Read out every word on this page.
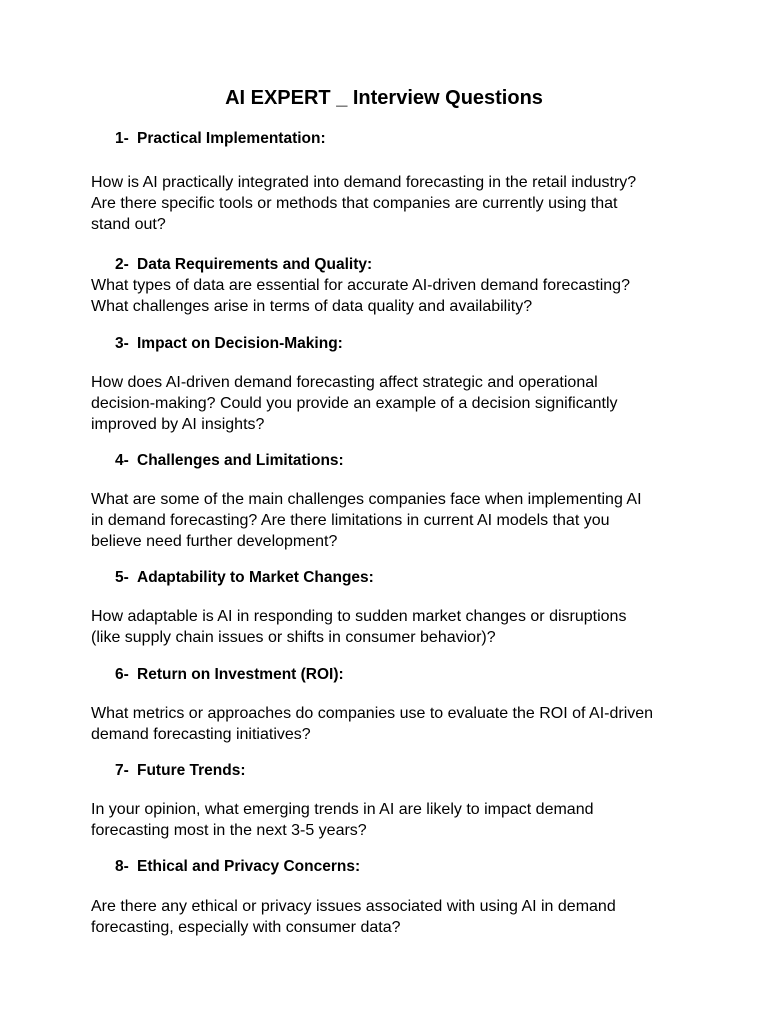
AI EXPERT _ Interview Questions
1- Practical Implementation:
How is AI practically integrated into demand forecasting in the retail industry?
Are there specific tools or methods that companies are currently using that
stand out?
2- Data Requirements and Quality:
What types of data are essential for accurate AI-driven demand forecasting?
What challenges arise in terms of data quality and availability?
3- Impact on Decision-Making:
How does AI-driven demand forecasting affect strategic and operational
decision-making? Could you provide an example of a decision significantly
improved by AI insights?
4- Challenges and Limitations:
What are some of the main challenges companies face when implementing AI
in demand forecasting? Are there limitations in current AI models that you
believe need further development?
5- Adaptability to Market Changes:
How adaptable is AI in responding to sudden market changes or disruptions
(like supply chain issues or shifts in consumer behavior)?
6- Return on Investment (ROI):
What metrics or approaches do companies use to evaluate the ROI of AI-driven
demand forecasting initiatives?
7- Future Trends:
In your opinion, what emerging trends in AI are likely to impact demand
forecasting most in the next 3-5 years?
8- Ethical and Privacy Concerns:
Are there any ethical or privacy issues associated with using AI in demand
forecasting, especially with consumer data?
